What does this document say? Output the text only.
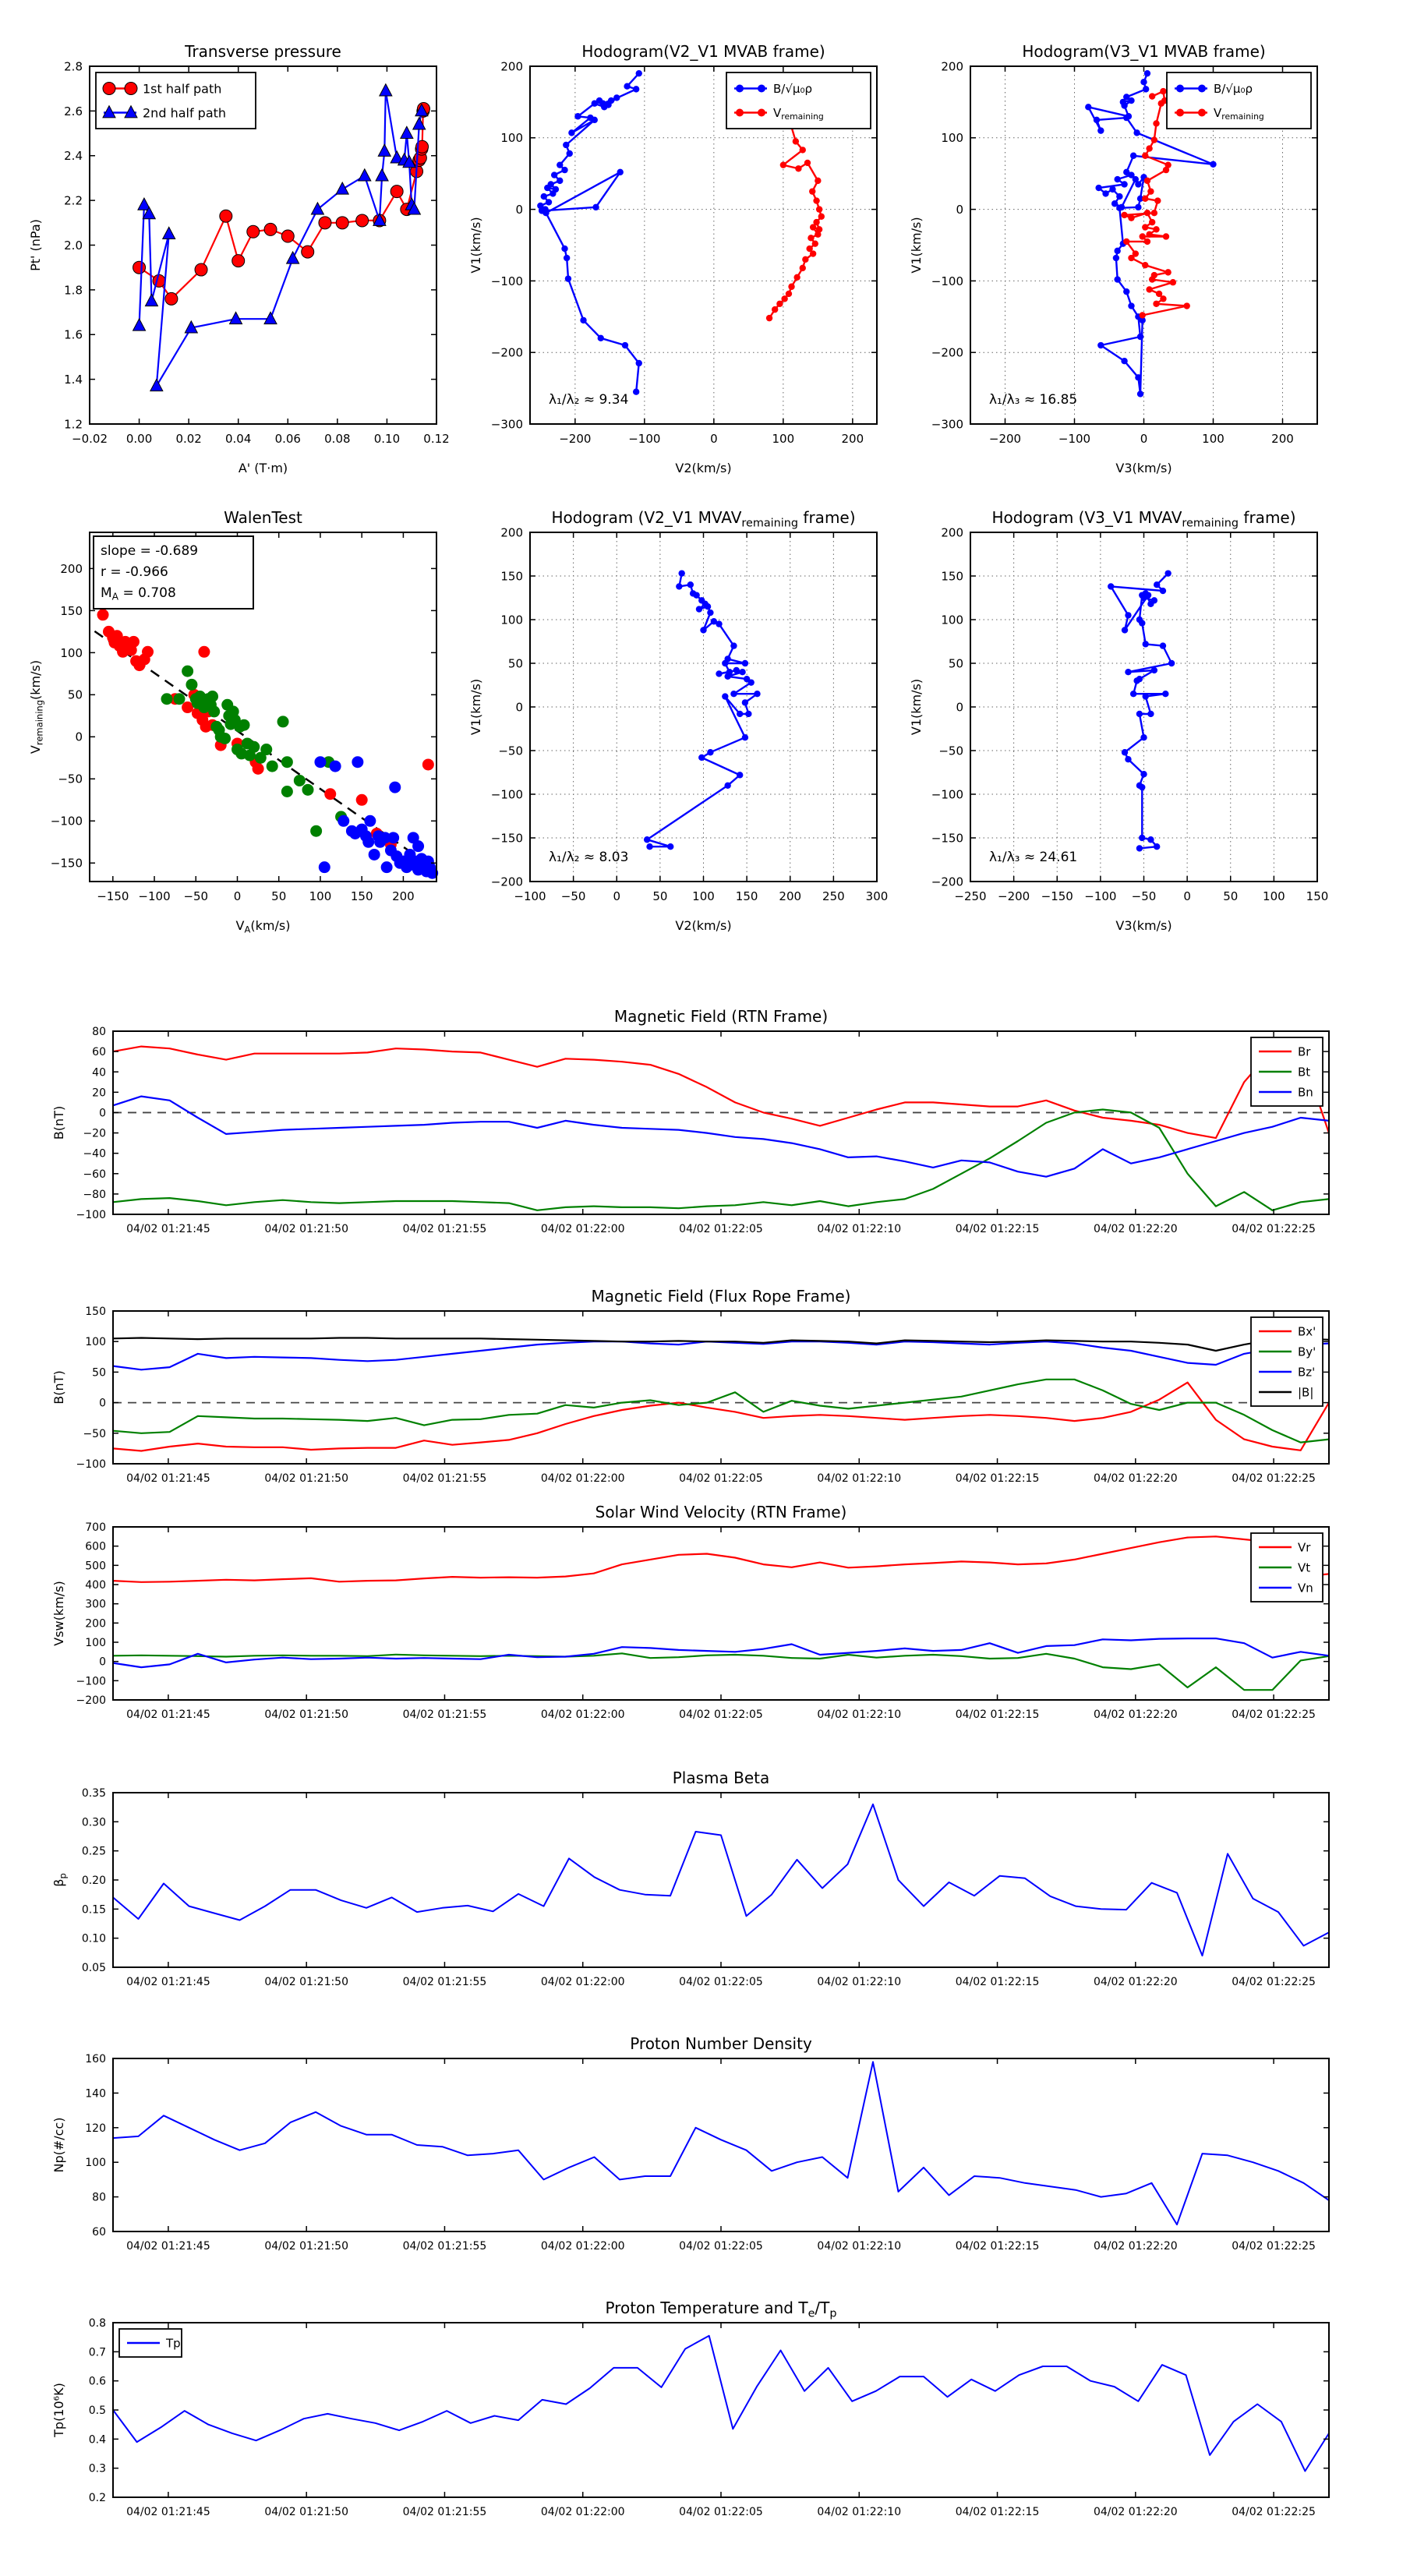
−0.02 0.00 0.02 0.04 0.06 0.08 0.10 0.12
1.2
1.4
1.6
1.8
2.0
2.2
2.4
2.6
2.8
Transverse pressure
A' (T·m)
Pt' (nPa)
1st half path
2nd half path
−200	−100	0	100	200
−300
−200
−100
0
100
200
Hodogram(V2_V1 MVAB frame)
V2(km/s)
V1(km/s)
λ₁/λ₂ ≈ 9.34
B/√μ₀ρ
$V_{remaining}$
−200	−100	0	100	200
−300
−200
−100
0
100
200
Hodogram(V3_V1 MVAB frame)
V3(km/s)
V1(km/s)
λ₁/λ₃ ≈ 16.85
B/√μ₀ρ
$V_{remaining}$
−150 −100 −50 0	50 100 150 200
−150
−100
−50
0
50
100
150
200
WalenTest
$V_A(km/s)$
$V_{remaining}(km/s)$
slope = -0.689
r = -0.966
$M_A = 0.708$
−100 −50 0	50 100 150 200 250 300
−200
−150
−100
−50
0
50
100
150
200
Hodogram (V2_V1 $MVAV_{remaining}$ frame)
V2(km/s)
V1(km/s)
λ₁/λ₂ ≈ 8.03
−250 −200 −150 −100 −50 0	50 100 150
−200
−150
−100
−50
0
50
100
150
200
Hodogram (V3_V1 $MVAV_{remaining}$ frame)
V3(km/s)
V1(km/s)
λ₁/λ₃ ≈ 24.61
04/02 01:21:45	04/02 01:21:50	04/02 01:21:55	04/02 01:22:00	04/02 01:22:05	04/02 01:22:10	04/02 01:22:15	04/02 01:22:20	04/02 01:22:25
−100
−80
−60
−40
−20
0
20
40
60
80
Magnetic Field (RTN Frame)
B(nT)
Br
Bt
Bn
04/02 01:21:45	04/02 01:21:50	04/02 01:21:55	04/02 01:22:00	04/02 01:22:05	04/02 01:22:10	04/02 01:22:15	04/02 01:22:20	04/02 01:22:25
−100
−50
0
50
100
150
Magnetic Field (Flux Rope Frame)
B(nT)
Bx'
By'
Bz'
|B|
04/02 01:21:45	04/02 01:21:50	04/02 01:21:55	04/02 01:22:00	04/02 01:22:05	04/02 01:22:10	04/02 01:22:15	04/02 01:22:20	04/02 01:22:25
−200
−100
0
100
200
300
400
500
600
700
Solar Wind Velocity (RTN Frame)
Vsw(km/s)
Vr
Vt
Vn
04/02 01:21:45	04/02 01:21:50	04/02 01:21:55	04/02 01:22:00	04/02 01:22:05	04/02 01:22:10	04/02 01:22:15	04/02 01:22:20	04/02 01:22:25
0.05
0.10
0.15
0.20
0.25
0.30
0.35
Plasma Beta
$\beta_p$
04/02 01:21:45	04/02 01:21:50	04/02 01:21:55	04/02 01:22:00	04/02 01:22:05	04/02 01:22:10	04/02 01:22:15	04/02 01:22:20	04/02 01:22:25
60
80
100
120
140
160
Proton Number Density
Np(#/cc)
04/02 01:21:45	04/02 01:21:50	04/02 01:21:55	04/02 01:22:00	04/02 01:22:05	04/02 01:22:10	04/02 01:22:15	04/02 01:22:20	04/02 01:22:25
0.2
0.3
0.4
0.5
0.6
0.7
0.8
Proton Temperature and $T_e/T_p$
Tp(10⁶K)
Tp
